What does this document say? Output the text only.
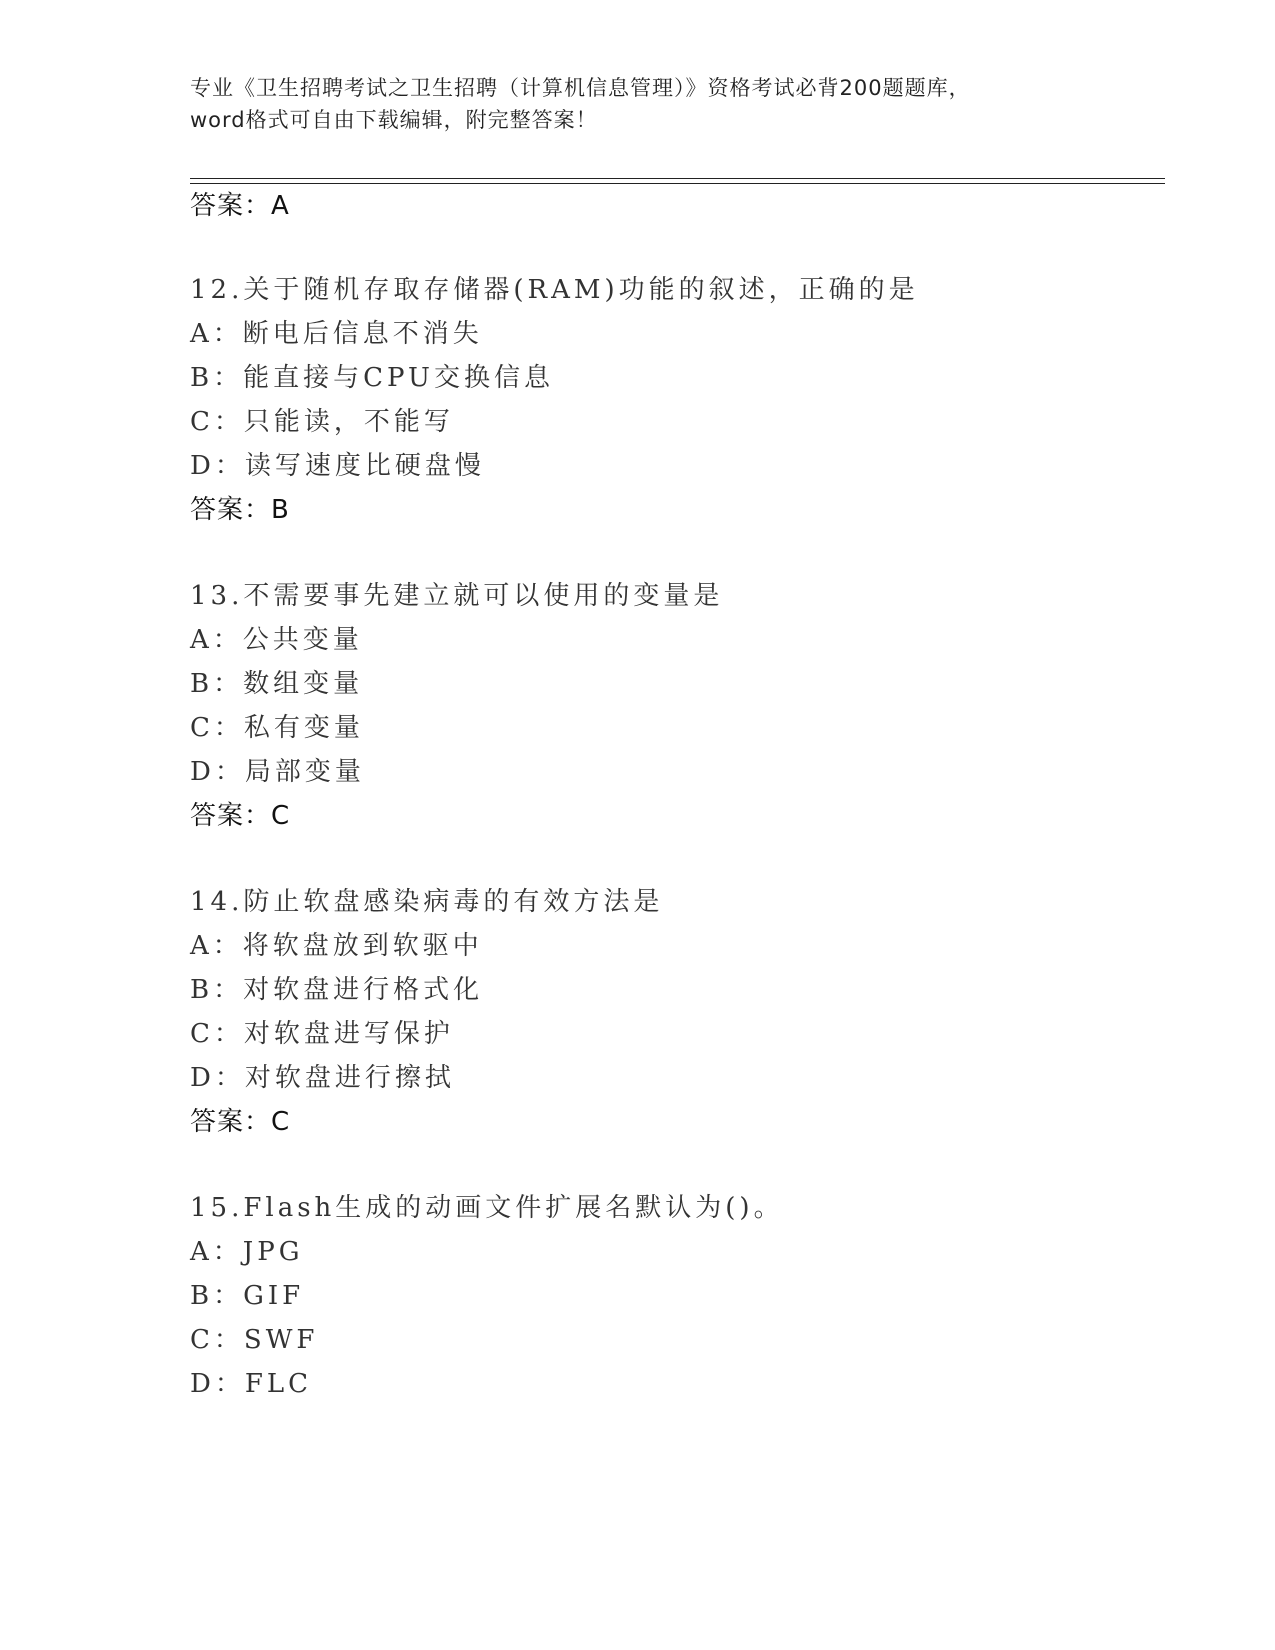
专业《卫生招聘考试之卫生招聘（计算机信息管理）》资格考试必背200题题库，
word格式可自由下载编辑，附完整答案！
答案：A
12.关于随机存取存储器(RAM)功能的叙述，正确的是
A：断电后信息不消失
B：能直接与CPU交换信息
C：只能读，不能写
D：读写速度比硬盘慢
答案：B
13.不需要事先建立就可以使用的变量是
A：公共变量
B：数组变量
C：私有变量
D：局部变量
答案：C
14.防止软盘感染病毒的有效方法是
A：将软盘放到软驱中
B：对软盘进行格式化
C：对软盘进写保护
D：对软盘进行擦拭
答案：C
15.Flash生成的动画文件扩展名默认为()。
A：JPG
B：GIF
C：SWF
D：FLC
